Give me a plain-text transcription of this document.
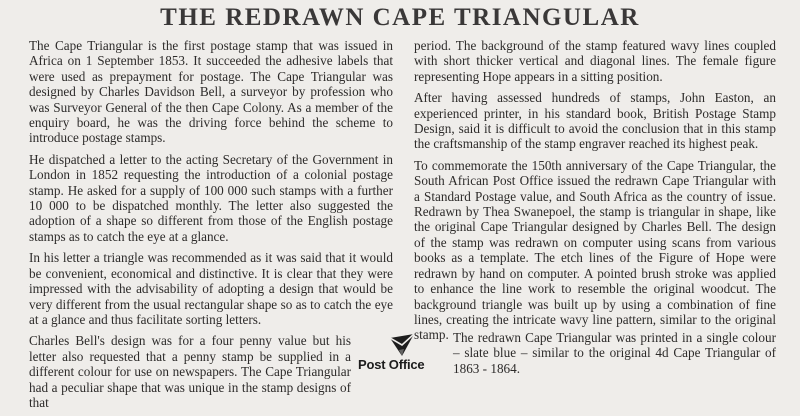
THE REDRAWN CAPE TRIANGULAR

The Cape Triangular is the first postage stamp that was issued in Africa on 1 September 1853. It succeeded the adhesive labels that were used as prepayment for postage. The Cape Triangular was designed by Charles Davidson Bell, a surveyor by profession who was Surveyor General of the then Cape Colony. As a member of the enquiry board, he was the driving force behind the scheme to introduce postage stamps.

He dispatched a letter to the acting Secretary of the Government in London in 1852 requesting the introduction of a colonial postage stamp. He asked for a supply of 100 000 such stamps with a further 10 000 to be dispatched monthly. The letter also suggested the adoption of a shape so different from those of the English postage stamps as to catch the eye at a glance.

In his letter a triangle was recommended as it was said that it would be convenient, economical and distinctive. It is clear that they were impressed with the advisability of adopting a design that would be very different from the usual rectangular shape so as to catch the eye at a glance and thus facilitate sorting letters.

Charles Bell's design was for a four penny value but his letter also requested that a penny stamp be supplied in a different colour for use on newspapers. The Cape Triangular had a peculiar shape that was unique in the stamp designs of that

period. The background of the stamp featured wavy lines coupled with short thicker vertical and diagonal lines. The female figure representing Hope appears in a sitting position.

After having assessed hundreds of stamps, John Easton, an experienced printer, in his standard book, British Postage Stamp Design, said it is difficult to avoid the conclusion that in this stamp the craftsmanship of the stamp engraver reached its highest peak.

To commemorate the 150th anniversary of the Cape Triangular, the South African Post Office issued the redrawn Cape Triangular with a Standard Postage value, and South Africa as the country of issue. Redrawn by Thea Swanepoel, the stamp is triangular in shape, like the original Cape Triangular designed by Charles Bell. The design of the stamp was redrawn on computer using scans from various books as a template. The etch lines of the Figure of Hope were redrawn by hand on computer. A pointed brush stroke was applied to enhance the line work to resemble the original woodcut. The background triangle was built up by using a combination of fine lines, creating the intricate wavy line pattern, similar to the original stamp. The redrawn Cape Triangular was printed in a single colour – slate blue – similar to the original 4d Cape Triangular of 1863 - 1864.
Post Office
